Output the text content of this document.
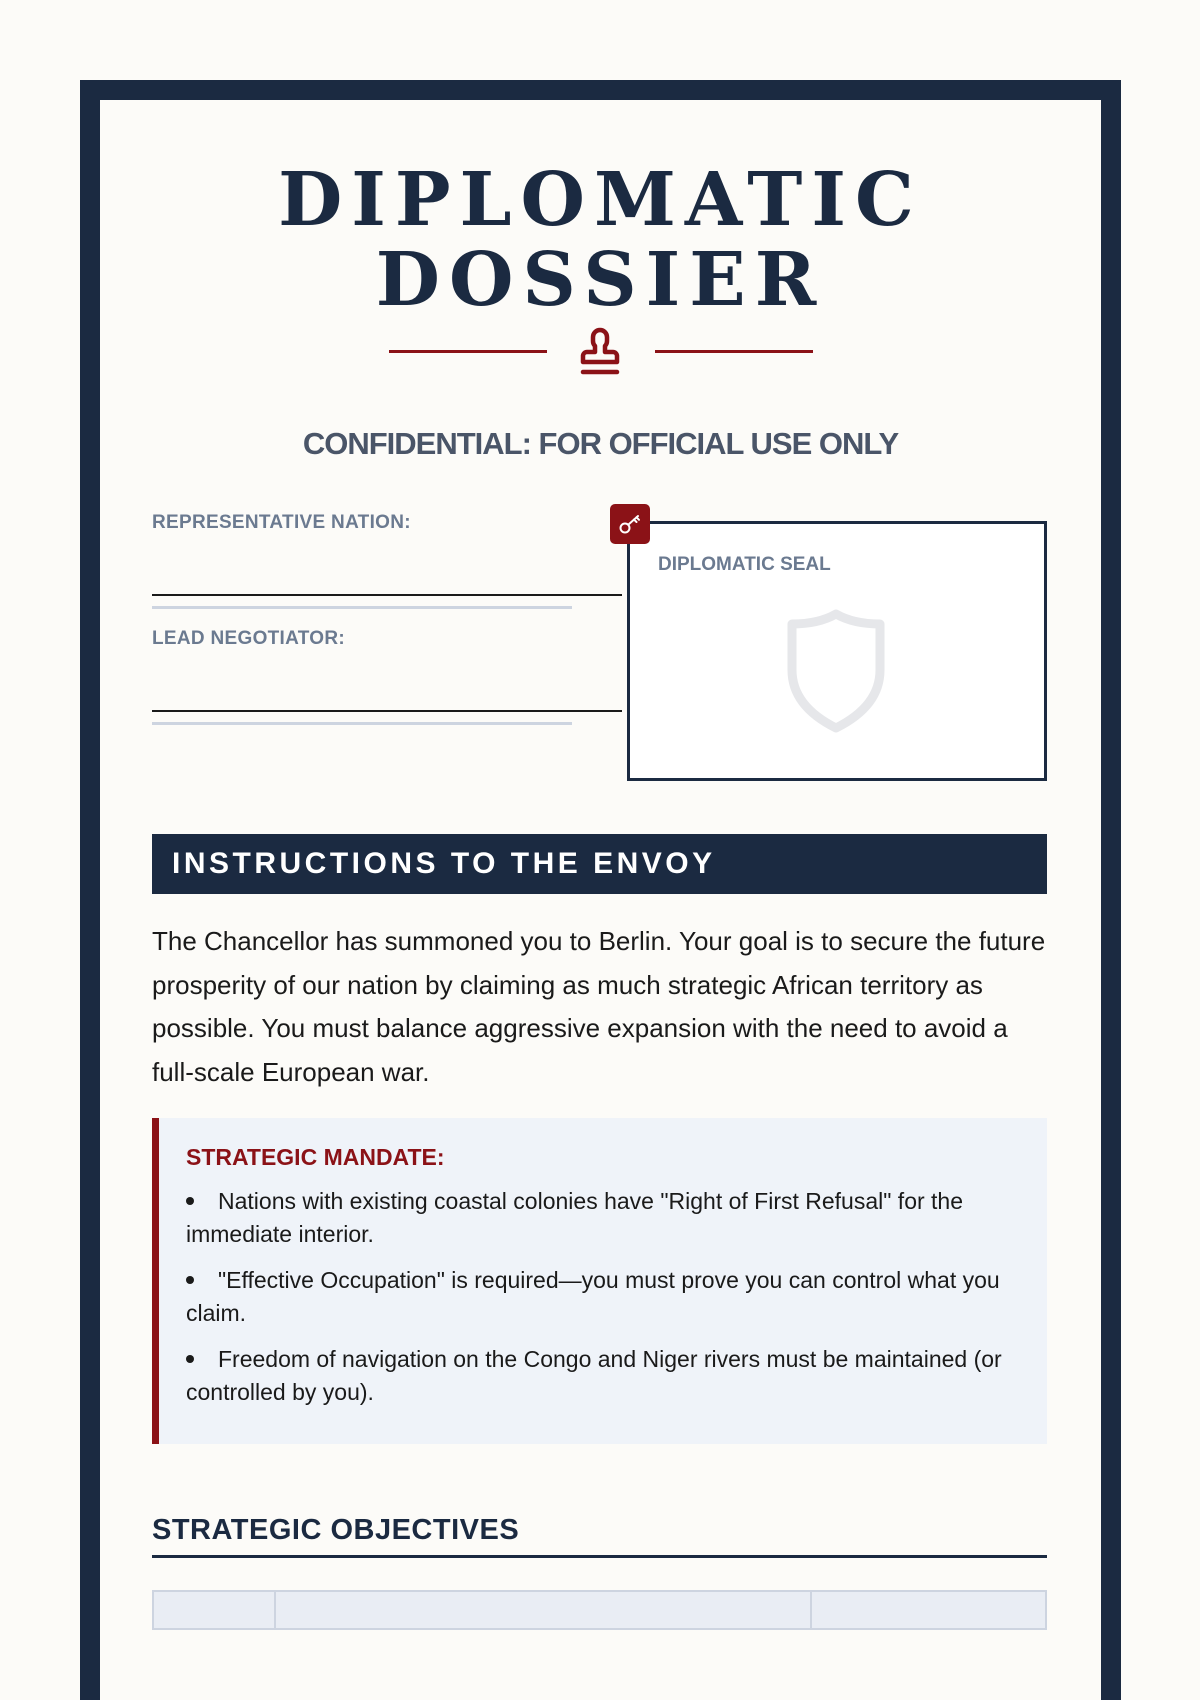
DIPLOMATIC
DOSSIER
CONFIDENTIAL: FOR OFFICIAL USE ONLY
REPRESENTATIVE NATION:
LEAD NEGOTIATOR:
DIPLOMATIC SEAL
INSTRUCTIONS TO THE ENVOY

The Chancellor has summoned you to Berlin. Your goal is to secure the future prosperity of our nation by claiming as much strategic African territory as possible. You must balance aggressive expansion with the need to avoid a full-scale European war.

STRATEGIC MANDATE:
Nations with existing coastal colonies have "Right of First Refusal" for the immediate interior.
"Effective Occupation" is required—you must prove you can control what you claim.
Freedom of navigation on the Congo and Niger rivers must be maintained (or controlled by you).
STRATEGIC OBJECTIVES
